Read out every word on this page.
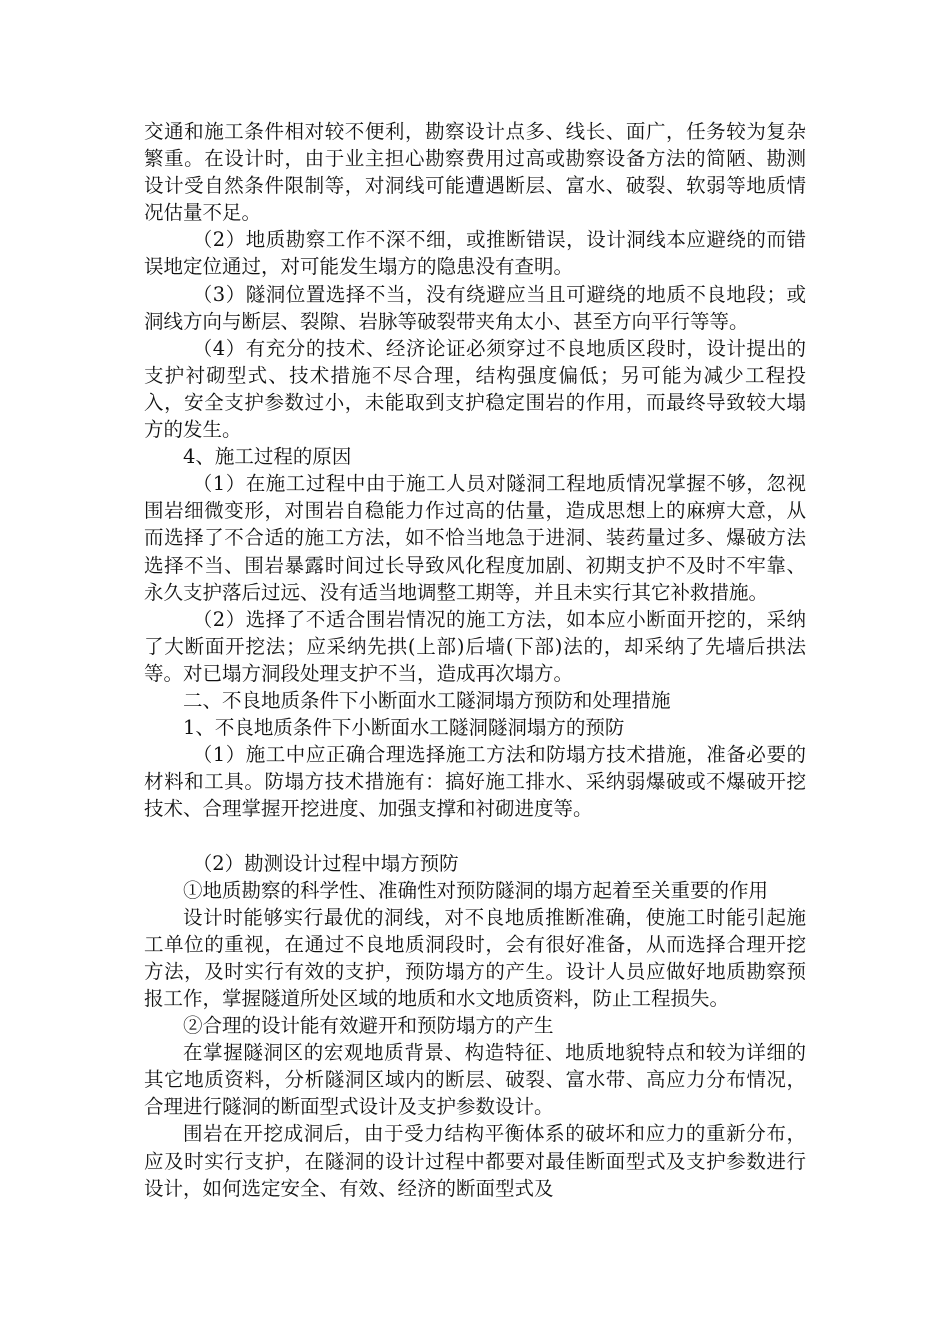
交通和施工条件相对较不便利，勘察设计点多、线长、面广，任务较为复杂繁重。在设计时，由于业主担心勘察费用过高或勘察设备方法的简陋、勘测设计受自然条件限制等，对洞线可能遭遇断层、富水、破裂、软弱等地质情况估量不足。

（2）地质勘察工作不深不细，或推断错误，设计洞线本应避绕的而错误地定位通过，对可能发生塌方的隐患没有查明。

（3）隧洞位置选择不当，没有绕避应当且可避绕的地质不良地段；或洞线方向与断层、裂隙、岩脉等破裂带夹角太小、甚至方向平行等等。

（4）有充分的技术、经济论证必须穿过不良地质区段时，设计提出的支护衬砌型式、技术措施不尽合理，结构强度偏低；另可能为减少工程投入，安全支护参数过小，未能取到支护稳定围岩的作用，而最终导致较大塌方的发生。

4、施工过程的原因

（1）在施工过程中由于施工人员对隧洞工程地质情况掌握不够，忽视围岩细微变形，对围岩自稳能力作过高的估量，造成思想上的麻痹大意，从而选择了不合适的施工方法，如不恰当地急于进洞、装药量过多、爆破方法选择不当、围岩暴露时间过长导致风化程度加剧、初期支护不及时不牢靠、永久支护落后过远、没有适当地调整工期等，并且未实行其它补救措施。

（2）选择了不适合围岩情况的施工方法，如本应小断面开挖的，采纳了大断面开挖法；应采纳先拱(上部)后墙(下部)法的，却采纳了先墙后拱法等。对已塌方洞段处理支护不当，造成再次塌方。

二、不良地质条件下小断面水工隧洞塌方预防和处理措施

1、不良地质条件下小断面水工隧洞隧洞塌方的预防

（1）施工中应正确合理选择施工方法和防塌方技术措施，准备必要的材料和工具。防塌方技术措施有：搞好施工排水、采纳弱爆破或不爆破开挖技术、合理掌握开挖进度、加强支撑和衬砌进度等。

（2）勘测设计过程中塌方预防

①地质勘察的科学性、准确性对预防隧洞的塌方起着至关重要的作用

设计时能够实行最优的洞线，对不良地质推断准确，使施工时能引起施工单位的重视，在通过不良地质洞段时，会有很好准备，从而选择合理开挖方法，及时实行有效的支护，预防塌方的产生。设计人员应做好地质勘察预报工作，掌握隧道所处区域的地质和水文地质资料，防止工程损失。

②合理的设计能有效避开和预防塌方的产生

在掌握隧洞区的宏观地质背景、构造特征、地质地貌特点和较为详细的其它地质资料，分析隧洞区域内的断层、破裂、富水带、高应力分布情况，合理进行隧洞的断面型式设计及支护参数设计。

围岩在开挖成洞后，由于受力结构平衡体系的破坏和应力的重新分布，应及时实行支护，在隧洞的设计过程中都要对最佳断面型式及支护参数进行设计，如何选定安全、有效、经济的断面型式及
